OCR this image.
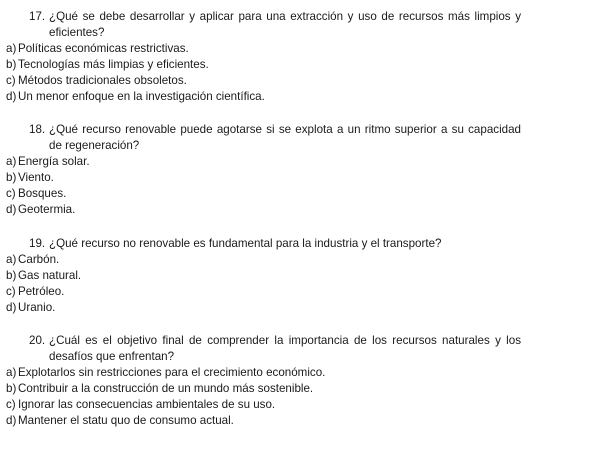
17. ¿Qué se debe desarrollar y aplicar para una extracción y uso de recursos más limpios y eficientes?
a) Políticas económicas restrictivas.
b) Tecnologías más limpias y eficientes.
c) Métodos tradicionales obsoletos.
d) Un menor enfoque en la investigación científica.
18. ¿Qué recurso renovable puede agotarse si se explota a un ritmo superior a su capacidad de regeneración?
a) Energía solar.
b) Viento.
c) Bosques.
d) Geotermia.
19. ¿Qué recurso no renovable es fundamental para la industria y el transporte?
a) Carbón.
b) Gas natural.
c) Petróleo.
d) Uranio.
20. ¿Cuál es el objetivo final de comprender la importancia de los recursos naturales y los desafíos que enfrentan?
a) Explotarlos sin restricciones para el crecimiento económico.
b) Contribuir a la construcción de un mundo más sostenible.
c) Ignorar las consecuencias ambientales de su uso.
d) Mantener el statu quo de consumo actual.
